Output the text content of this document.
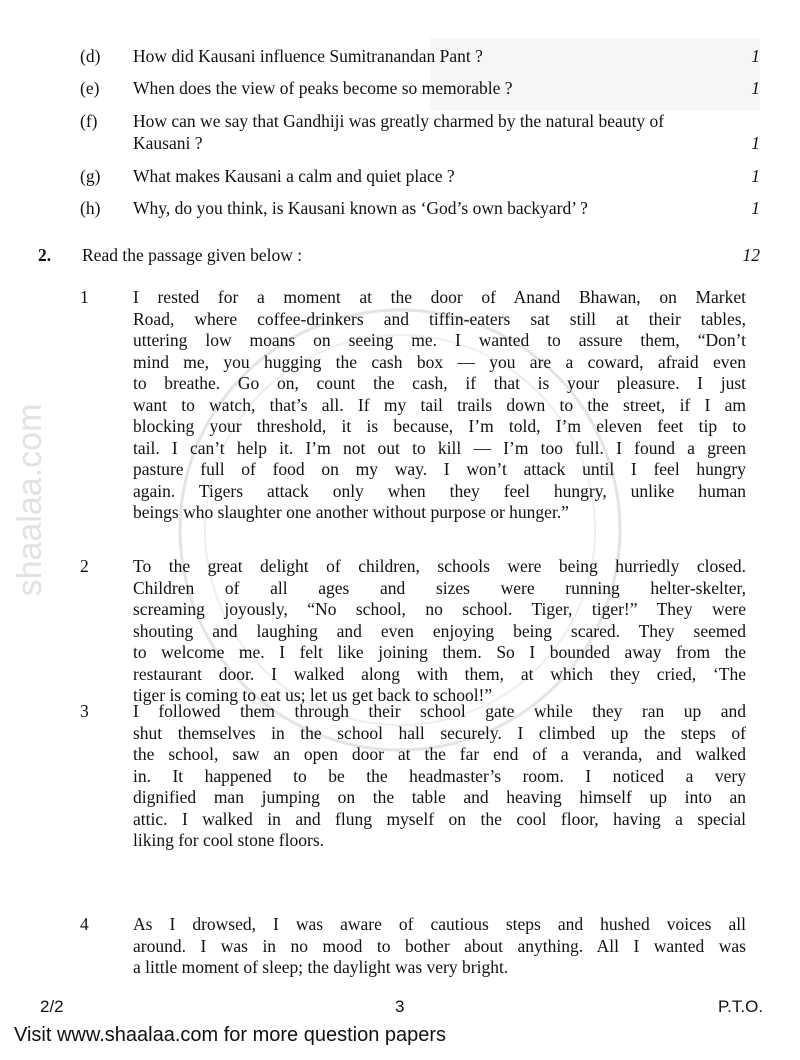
shaalaa.com
(d) How did Kausani influence Sumitranandan Pant ?	1
(e) When does the view of peaks become so memorable ?	1
(f) How can we say that Gandhiji was greatly charmed by the natural beauty of Kausani ?	1
(g) What makes Kausani a calm and quiet place ?	1
(h) Why, do you think, is Kausani known as ‘God’s own backyard’ ?	1
2. Read the passage given below :	12
1	I rested for a moment at the door of Anand Bhawan, on Market
Road, where coffee-drinkers and tiffin-eaters sat still at their tables,
uttering low moans on seeing me. I wanted to assure them, “Don’t
mind me, you hugging the cash box — you are a coward, afraid even
to breathe. Go on, count the cash, if that is your pleasure. I just
want to watch, that’s all. If my tail trails down to the street, if I am
blocking your threshold, it is because, I’m told, I’m eleven feet tip to
tail. I can’t help it. I’m not out to kill — I’m too full. I found a green
pasture full of food on my way. I won’t attack until I feel hungry
again. Tigers attack only when they feel hungry, unlike human
beings who slaughter one another without purpose or hunger.”
2	To the great delight of children, schools were being hurriedly closed.
Children of all ages and sizes were running helter-skelter,
screaming joyously, “No school, no school. Tiger, tiger!” They were
shouting and laughing and even enjoying being scared. They seemed
to welcome me. I felt like joining them. So I bounded away from the
restaurant door. I walked along with them, at which they cried, ‘The
tiger is coming to eat us; let us get back to school!”
3	I followed them through their school gate while they ran up and
shut themselves in the school hall securely. I climbed up the steps of
the school, saw an open door at the far end of a veranda, and walked
in. It happened to be the headmaster’s room. I noticed a very
dignified man jumping on the table and heaving himself up into an
attic. I walked in and flung myself on the cool floor, having a special
liking for cool stone floors.
4	As I drowsed, I was aware of cautious steps and hushed voices all
around. I was in no mood to bother about anything. All I wanted was
a little moment of sleep; the daylight was very bright.
2/2	3	P.T.O.
Visit www.shaalaa.com for more question papers
